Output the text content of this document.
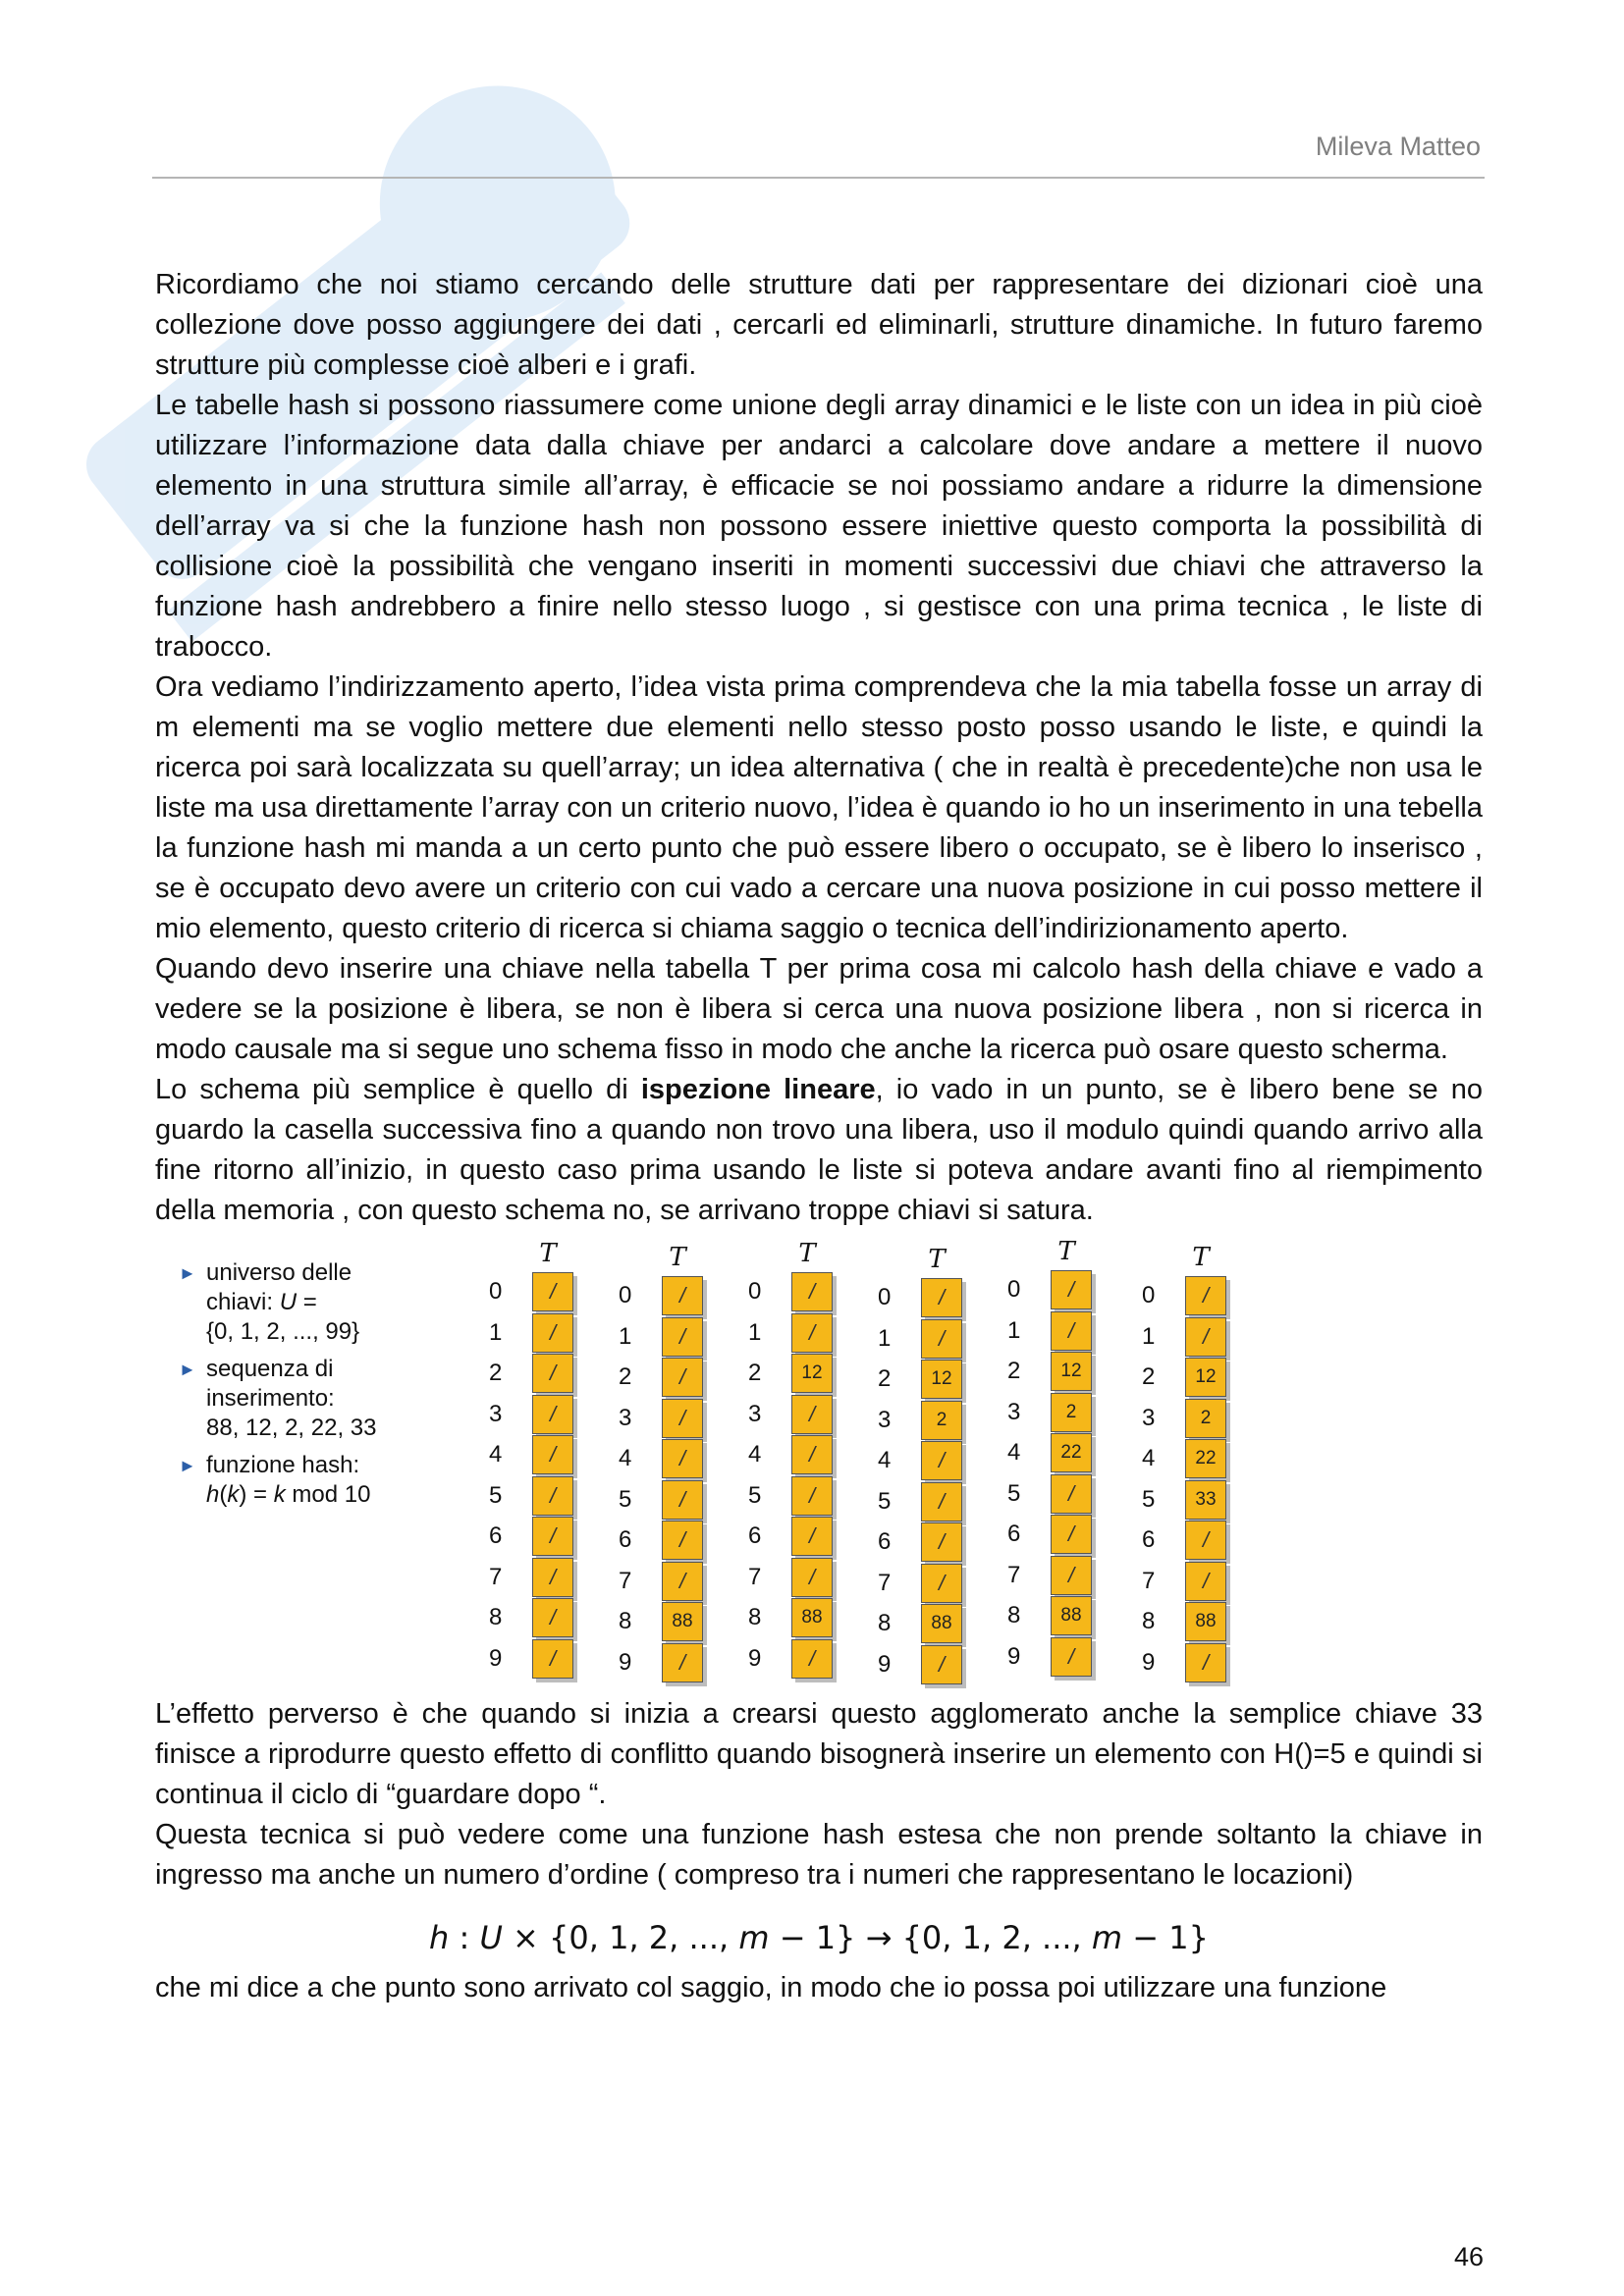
Mileva Matteo

Ricordiamo che noi stiamo cercando delle strutture dati per rappresentare dei dizionari cioè una collezione dove posso aggiungere dei dati , cercarli ed eliminarli, strutture dinamiche. In futuro faremo strutture più complesse cioè alberi e i grafi.

Le tabelle hash si possono riassumere come unione degli array dinamici e le liste con un idea in più cioè utilizzare l’informazione data dalla chiave per andarci a calcolare dove andare a mettere il nuovo elemento in una struttura simile all’array, è efficacie se noi possiamo andare a ridurre la dimensione dell’array va si che la funzione hash non possono essere iniettive questo comporta la possibilità di collisione cioè la possibilità che vengano inseriti in momenti successivi due chiavi che attraverso la funzione hash andrebbero a finire nello stesso luogo , si gestisce con una prima tecnica , le liste di trabocco.

Ora vediamo l’indirizzamento aperto, l’idea vista prima comprendeva che la mia tabella fosse un array di m elementi ma se voglio mettere due elementi nello stesso posto posso usando le liste, e quindi la ricerca poi sarà localizzata su quell’array; un idea alternativa ( che in realtà è precedente)che non usa le liste ma usa direttamente l’array con un criterio nuovo, l’idea è quando io ho un inserimento in una tebella la funzione hash mi manda a un certo punto che può essere libero o occupato, se è libero lo inserisco , se è occupato devo avere un criterio con cui vado a cercare una nuova posizione in cui posso mettere il mio elemento, questo criterio di ricerca si chiama saggio o tecnica dell’indirizionamento aperto.

Quando devo inserire una chiave nella tabella T per prima cosa mi calcolo hash della chiave e vado a vedere se la posizione è libera, se non è libera si cerca una nuova posizione libera , non si ricerca in modo causale ma si segue uno schema fisso in modo che anche la ricerca può osare questo scherma.

Lo schema più semplice è quello di ispezione lineare, io vado in un punto, se è libero bene se no guardo la casella successiva fino a quando non trovo una libera, uso il modulo quindi quando arrivo alla fine ritorno all’inizio, in questo caso prima usando le liste si poteva andare avanti fino al riempimento della memoria , con questo schema no, se arrivano troppe chiavi si satura.

► universo delle
chiavi: U =
{0, 1, 2, ..., 99}
► sequenza di
inserimento:
88, 12, 2, 22, 33
► funzione hash:
h(k) = k mod 10
T
0	/
1	/
2	/
3	/
4	/
5	/
6	/
7	/
8	/
9	/
T
0	/
1	/
2	/
3	/
4	/
5	/
6	/
7	/
8	88
9	/
T
0	/
1	/
2	12
3	/
4	/
5	/
6	/
7	/
8	88
9	/
T
0	/
1	/
2	12
3	2
4	/
5	/
6	/
7	/
8	88
9	/
T
0	/
1	/
2	12
3	2
4	22
5	/
6	/
7	/
8	88
9	/
T
0	/
1	/
2	12
3	2
4	22
5	33
6	/
7	/
8	88
9	/

L’effetto perverso è che quando si inizia a crearsi questo agglomerato anche la semplice chiave 33 finisce a riprodurre questo effetto di conflitto quando bisognerà inserire un elemento con H()=5 e quindi si continua il ciclo di “guardare dopo “.

Questa tecnica si può vedere come una funzione hash estesa che non prende soltanto la chiave in ingresso ma anche un numero d’ordine ( compreso tra i numeri che rappresentano le locazioni)

h : U × {0, 1, 2, ..., m − 1} → {0, 1, 2, ..., m − 1}

che mi dice a che punto sono arrivato col saggio, in modo che io possa poi utilizzare una funzione

46
